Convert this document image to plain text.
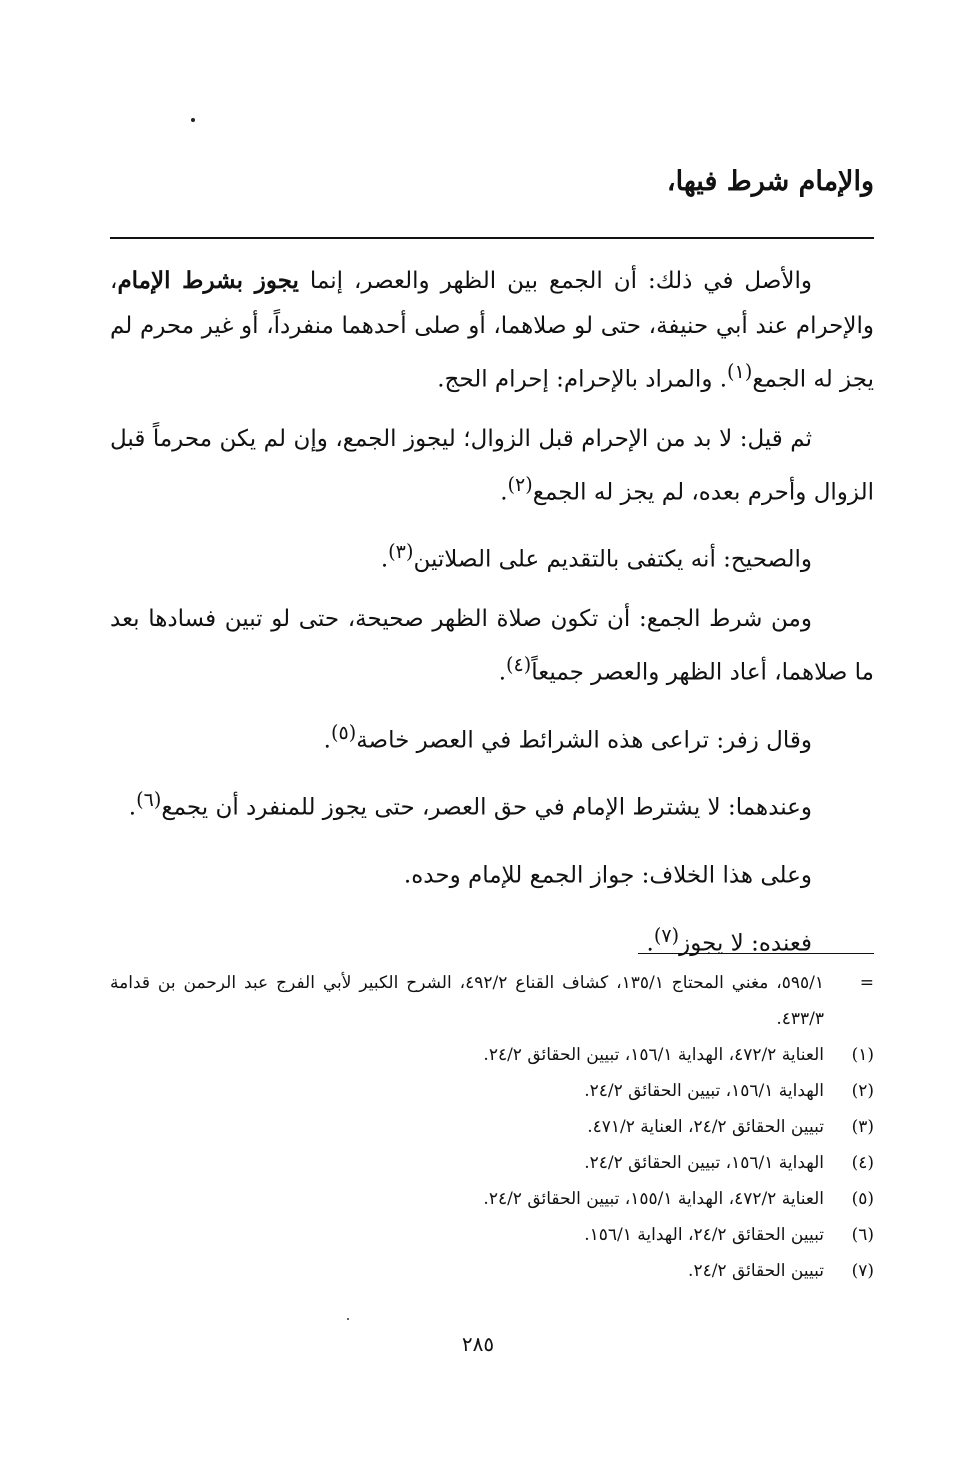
والإمام شرط فيها،

والأصل في ذلك: أن الجمع بين الظهر والعصر، إنما يجوز بشرط الإمام، والإحرام عند أبي حنيفة، حتى لو صلاهما، أو صلى أحدهما منفرداً، أو غير محرم لم يجز له الجمع$^{(١)}$. والمراد بالإحرام: إحرام الحج.

ثم قيل: لا بد من الإحرام قبل الزوال؛ ليجوز الجمع، وإن لم يكن محرماً قبل الزوال وأحرم بعده، لم يجز له الجمع$^{(٢)}$.

والصحيح: أنه يكتفى بالتقديم على الصلاتين$^{(٣)}$.

ومن شرط الجمع: أن تكون صلاة الظهر صحيحة، حتى لو تبين فسادها بعد ما صلاهما، أعاد الظهر والعصر جميعاً$^{(٤)}$.

وقال زفر: تراعى هذه الشرائط في العصر خاصة$^{(٥)}$.

وعندهما: لا يشترط الإمام في حق العصر، حتى يجوز للمنفرد أن يجمع$^{(٦)}$.

وعلى هذا الخلاف: جواز الجمع للإمام وحده.

فعنده: لا يجوز$^{(٧)}$.

=
٥٩٥/١، مغني المحتاج ١٣٥/١، كشاف القناع ٤٩٢/٢، الشرح الكبير لأبي الفرج عبد الرحمن بن قدامة ٤٣٣/٣.
(١)
العناية ٤٧٢/٢، الهداية ١٥٦/١، تبيين الحقائق ٢٤/٢.
(٢)
الهداية ١٥٦/١، تبيين الحقائق ٢٤/٢.
(٣)
تبيين الحقائق ٢٤/٢، العناية ٤٧١/٢.
(٤)
الهداية ١٥٦/١، تبيين الحقائق ٢٤/٢.
(٥)
العناية ٤٧٢/٢، الهداية ١٥٥/١، تبيين الحقائق ٢٤/٢.
(٦)
تبيين الحقائق ٢٤/٢، الهداية ١٥٦/١.
(٧)
تبيين الحقائق ٢٤/٢.
٢٨٥
